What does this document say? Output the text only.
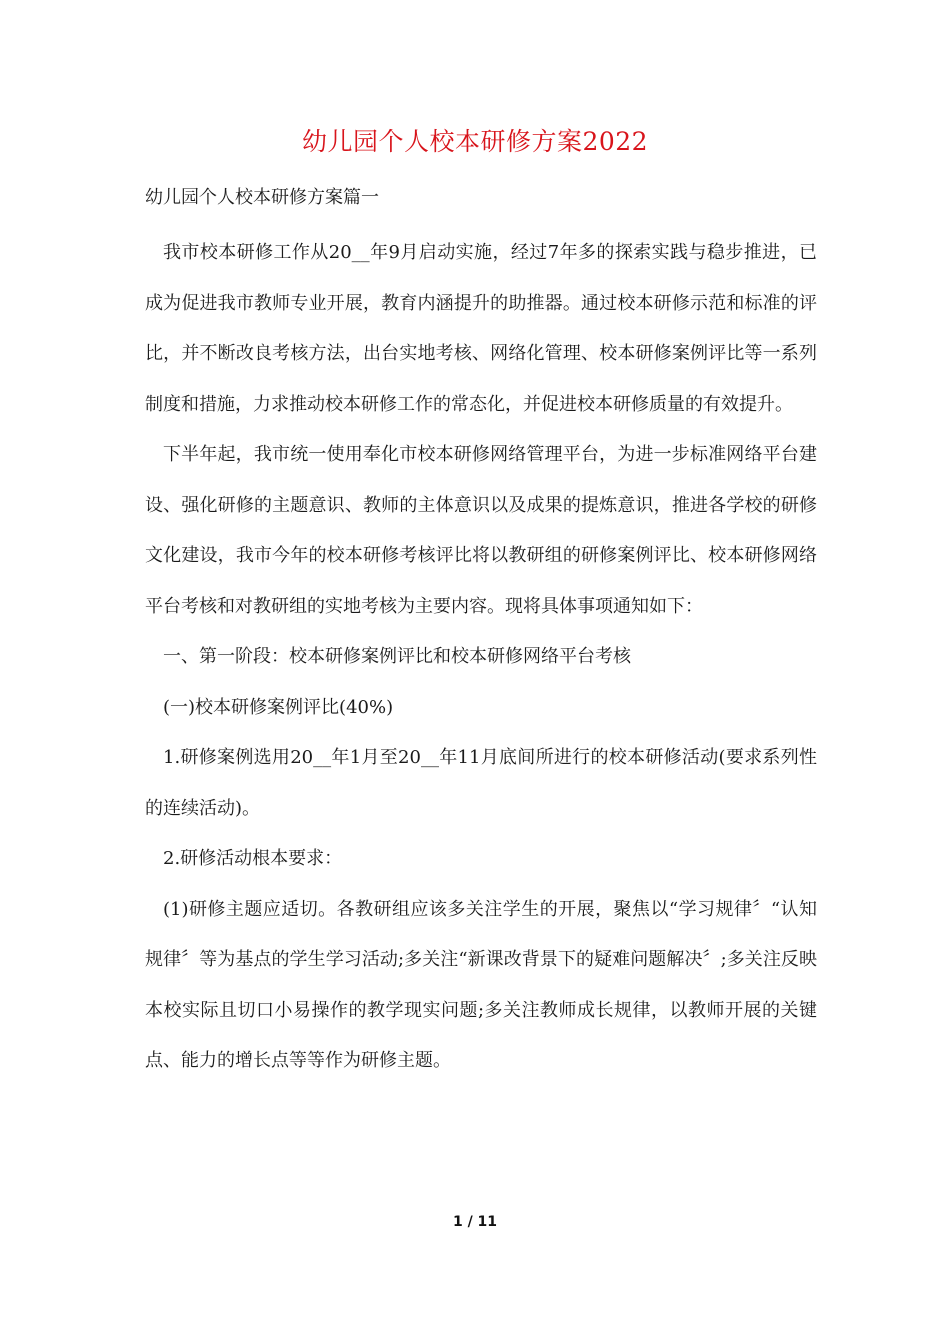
幼儿园个人校本研修方案2022

幼儿园个人校本研修方案篇一

我市校本研修工作从20__年9月启动实施，经过7年多的探索实践与稳步推进，已成为促进我市教师专业开展，教育内涵提升的助推器。通过校本研修示范和标准的评比，并不断改良考核方法，出台实地考核、网络化管理、校本研修案例评比等一系列制度和措施，力求推动校本研修工作的常态化，并促进校本研修质量的有效提升。

下半年起，我市统一使用奉化市校本研修网络管理平台，为进一步标准网络平台建设、强化研修的主题意识、教师的主体意识以及成果的提炼意识，推进各学校的研修文化建设，我市今年的校本研修考核评比将以教研组的研修案例评比、校本研修网络平台考核和对教研组的实地考核为主要内容。现将具体事项通知如下：

一、第一阶段：校本研修案例评比和校本研修网络平台考核

(一)校本研修案例评比(40%)

1.研修案例选用20__年1月至20__年11月底间所进行的校本研修活动(要求系列性的连续活动)。

2.研修活动根本要求：

(1)研修主题应适切。各教研组应该多关注学生的开展，聚焦以“学习规律〞“认知规律〞等为基点的学生学习活动;多关注“新课改背景下的疑难问题解决〞;多关注反映本校实际且切口小易操作的教学现实问题;多关注教师成长规律，以教师开展的关键点、能力的增长点等等作为研修主题。

1 / 11
